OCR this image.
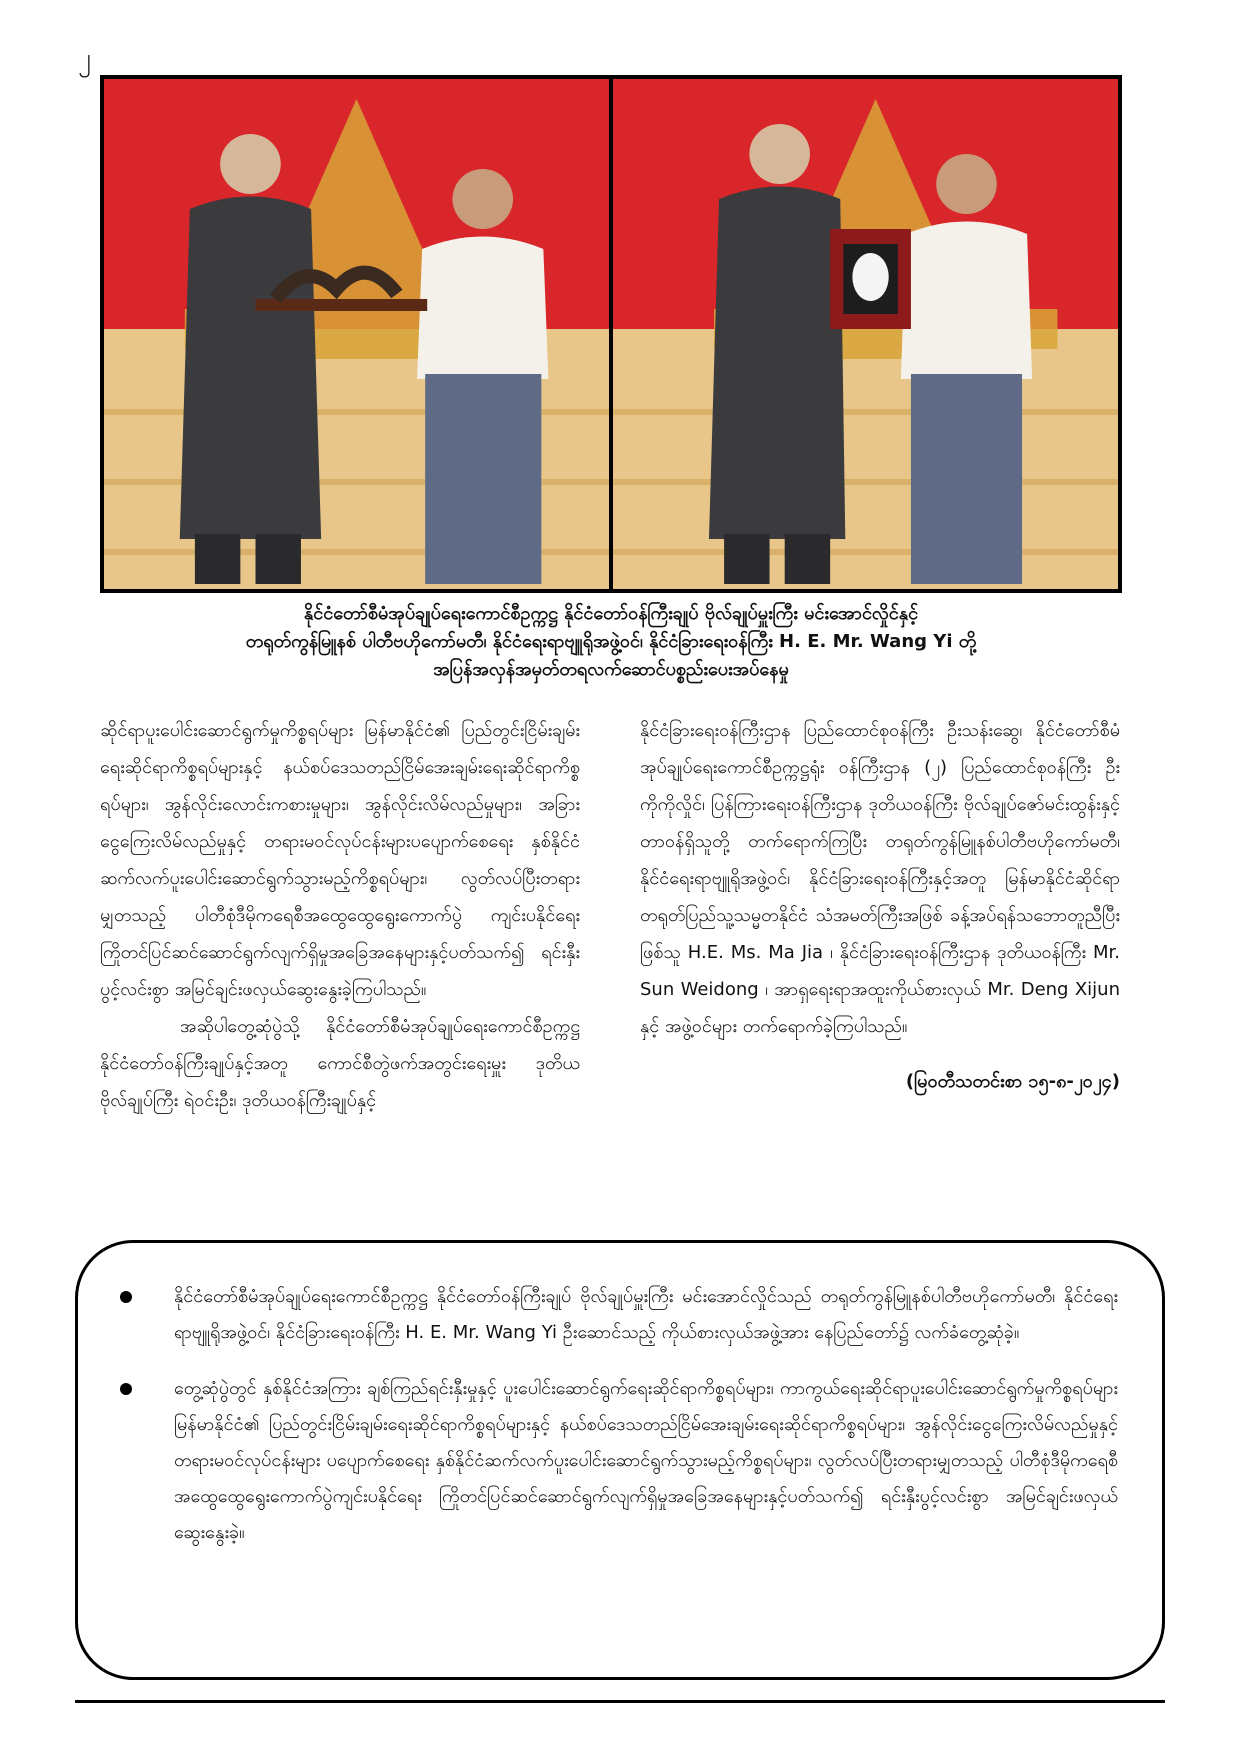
၂
နိုင်ငံတော်စီမံအုပ်ချုပ်ရေးကောင်စီဥက္ကဋ္ဌ နိုင်ငံတော်ဝန်ကြီးချုပ် ဗိုလ်ချုပ်မှူးကြီး မင်းအောင်လှိုင်နှင့်
တရုတ်ကွန်မြူနစ် ပါတီဗဟိုကော်မတီ၊ နိုင်ငံရေးရာဗျူရိုအဖွဲ့ဝင်၊ နိုင်ငံခြားရေးဝန်ကြီး H. E. Mr. Wang Yi တို့
အပြန်အလှန်အမှတ်တရလက်ဆောင်ပစ္စည်းပေးအပ်နေမှု

ဆိုင်ရာပူးပေါင်းဆောင်ရွက်မှုကိစ္စရပ်များ မြန်မာနိုင်ငံ၏ ပြည်တွင်းငြိမ်းချမ်းရေးဆိုင်ရာကိစ္စရပ်များနှင့် နယ်စပ်ဒေသတည်ငြိမ်အေးချမ်းရေးဆိုင်ရာကိစ္စရပ်များ၊ အွန်လိုင်းလောင်းကစားမှုများ၊ အွန်လိုင်းလိမ်လည်မှုများ၊ အခြားငွေကြေးလိမ်လည်မှုနှင့် တရားမဝင်လုပ်ငန်းများပပျောက်စေရေး နှစ်နိုင်ငံဆက်လက်ပူးပေါင်းဆောင်ရွက်သွားမည့်ကိစ္စရပ်များ၊ လွတ်လပ်ပြီးတရားမျှတသည့် ပါတီစုံဒီမိုကရေစီအထွေထွေရွေးကောက်ပွဲ ကျင်းပနိုင်ရေး ကြိုတင်ပြင်ဆင်ဆောင်ရွက်လျက်ရှိမှုအခြေအနေများနှင့်ပတ်သက်၍ ရင်းနှီးပွင့်လင်းစွာ အမြင်ချင်းဖလှယ်ဆွေးနွေးခဲ့ကြပါသည်။

အဆိုပါတွေ့ဆုံပွဲသို့ နိုင်ငံတော်စီမံအုပ်ချုပ်ရေးကောင်စီဥက္ကဋ္ဌ နိုင်ငံတော်ဝန်ကြီးချုပ်နှင့်အတူ ကောင်စီတွဲဖက်အတွင်းရေးမှူး ဒုတိယဗိုလ်ချုပ်ကြီး ရဲဝင်းဦး၊ ဒုတိယဝန်ကြီးချုပ်နှင့်

နိုင်ငံခြားရေးဝန်ကြီးဌာန ပြည်ထောင်စုဝန်ကြီး ဦးသန်းဆွေ၊ နိုင်ငံတော်စီမံအုပ်ချုပ်ရေးကောင်စီဥက္ကဋ္ဌရုံး ဝန်ကြီးဌာန (၂) ပြည်ထောင်စုဝန်ကြီး ဦးကိုကိုလှိုင်၊ ပြန်ကြားရေးဝန်ကြီးဌာန ဒုတိယဝန်ကြီး ဗိုလ်ချုပ်ဇော်မင်းထွန်းနှင့် တာဝန်ရှိသူတို့ တက်ရောက်ကြပြီး တရုတ်ကွန်မြူနစ်ပါတီဗဟိုကော်မတီ၊ နိုင်ငံရေးရာဗျူရိုအဖွဲ့ဝင်၊ နိုင်ငံခြားရေးဝန်ကြီးနှင့်အတူ မြန်မာနိုင်ငံဆိုင်ရာ တရုတ်ပြည်သူ့သမ္မတနိုင်ငံ သံအမတ်ကြီးအဖြစ် ခန့်အပ်ရန်သဘောတူညီပြီးဖြစ်သူ H.E. Ms. Ma Jia ၊ နိုင်ငံခြားရေးဝန်ကြီးဌာန ဒုတိယဝန်ကြီး Mr. Sun Weidong ၊ အာရှရေးရာအထူးကိုယ်စားလှယ် Mr. Deng Xijun နှင့် အဖွဲ့ဝင်များ တက်ရောက်ခဲ့ကြပါသည်။

(မြဝတီသတင်းစာ ၁၅-၈-၂၀၂၄)

နိုင်ငံတော်စီမံအုပ်ချုပ်ရေးကောင်စီဥက္ကဋ္ဌ နိုင်ငံတော်ဝန်ကြီးချုပ် ဗိုလ်ချုပ်မှူးကြီး မင်းအောင်လှိုင်သည် တရုတ်ကွန်မြူနစ်ပါတီဗဟိုကော်မတီ၊ နိုင်ငံရေးရာဗျူရိုအဖွဲ့ဝင်၊ နိုင်ငံခြားရေးဝန်ကြီး H. E. Mr. Wang Yi ဦးဆောင်သည့် ကိုယ်စားလှယ်အဖွဲ့အား နေပြည်တော်၌ လက်ခံတွေ့ဆုံခဲ့။
တွေ့ဆုံပွဲတွင် နှစ်နိုင်ငံအကြား ချစ်ကြည်ရင်းနှီးမှုနှင့် ပူးပေါင်းဆောင်ရွက်ရေးဆိုင်ရာကိစ္စရပ်များ၊ ကာကွယ်ရေးဆိုင်ရာပူးပေါင်းဆောင်ရွက်မှုကိစ္စရပ်များ မြန်မာနိုင်ငံ၏ ပြည်တွင်းငြိမ်းချမ်းရေးဆိုင်ရာကိစ္စရပ်များနှင့် နယ်စပ်ဒေသတည်ငြိမ်အေးချမ်းရေးဆိုင်ရာကိစ္စရပ်များ၊ အွန်လိုင်းငွေကြေးလိမ်လည်မှုနှင့် တရားမဝင်လုပ်ငန်းများ ပပျောက်စေရေး နှစ်နိုင်ငံဆက်လက်ပူးပေါင်းဆောင်ရွက်သွားမည့်ကိစ္စရပ်များ၊ လွတ်လပ်ပြီးတရားမျှတသည့် ပါတီစုံဒီမိုကရေစီအထွေထွေရွေးကောက်ပွဲကျင်းပနိုင်ရေး ကြိုတင်ပြင်ဆင်ဆောင်ရွက်လျက်ရှိမှုအခြေအနေများနှင့်ပတ်သက်၍ ရင်းနှီးပွင့်လင်းစွာ အမြင်ချင်းဖလှယ်ဆွေးနွေးခဲ့။
